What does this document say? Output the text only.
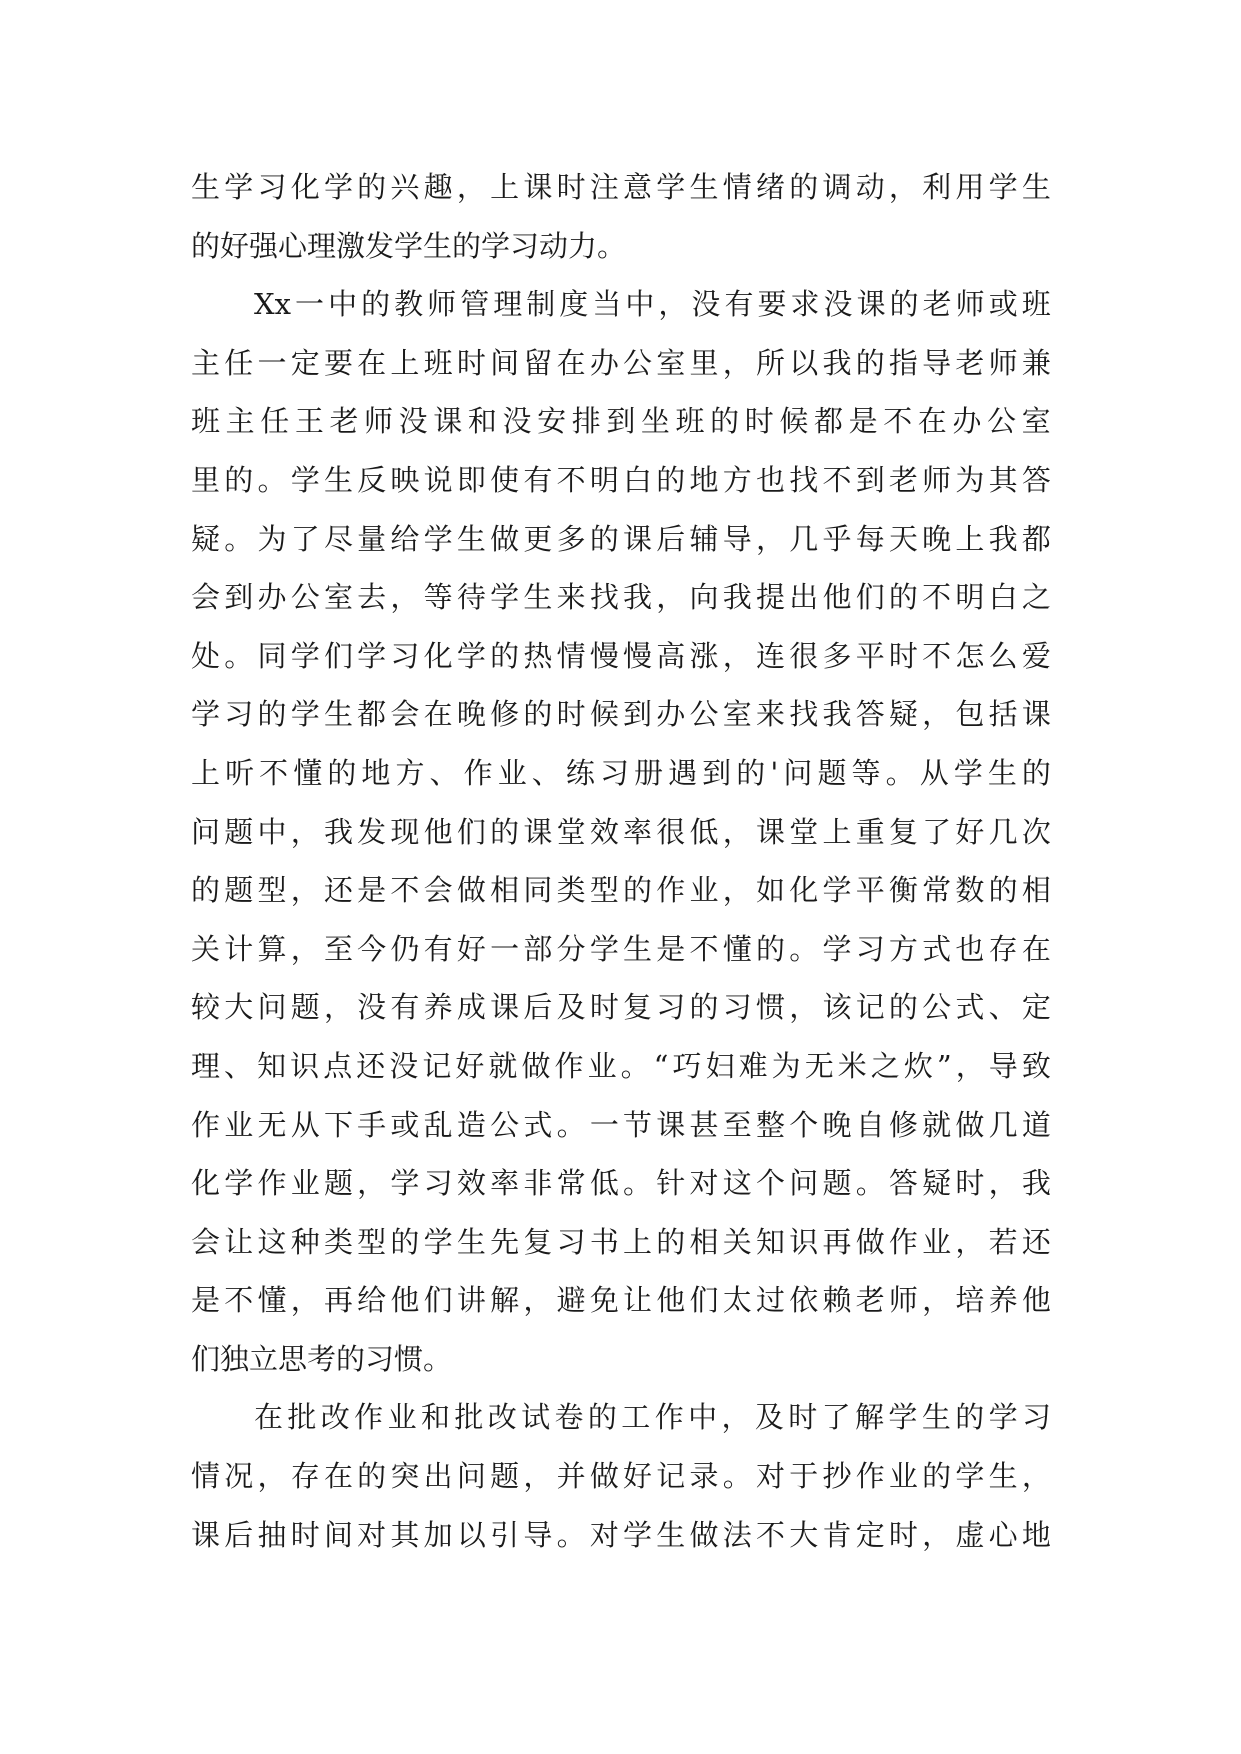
生 学 习 化 学 的 兴 趣 ， 上 课 时 注 意 学 生 情 绪 的 调 动 ， 利 用 学 生
的好强心理激发学生的学习动力。
Xx 一 中 的 教 师 管 理 制 度 当 中 ， 没 有 要 求 没 课 的 老 师 或 班
主 任 一 定 要 在 上 班 时 间 留 在 办 公 室 里 ， 所 以 我 的 指 导 老 师 兼
班 主 任 王 老 师 没 课 和 没 安 排 到 坐 班 的 时 候 都 是 不 在 办 公 室
里 的 。 学 生 反 映 说 即 使 有 不 明 白 的 地 方 也 找 不 到 老 师 为 其 答
疑 。 为 了 尽 量 给 学 生 做 更 多 的 课 后 辅 导 ， 几 乎 每 天 晚 上 我 都
会 到 办 公 室 去 ， 等 待 学 生 来 找 我 ， 向 我 提 出 他 们 的 不 明 白 之
处 。 同 学 们 学 习 化 学 的 热 情 慢 慢 高 涨 ， 连 很 多 平 时 不 怎 么 爱
学 习 的 学 生 都 会 在 晚 修 的 时 候 到 办 公 室 来 找 我 答 疑 ， 包 括 课
上 听 不 懂 的 地 方 、 作 业 、 练 习 册 遇 到 的 ' 问 题 等 。 从 学 生 的
问 题 中 ， 我 发 现 他 们 的 课 堂 效 率 很 低 ， 课 堂 上 重 复 了 好 几 次
的 题 型 ， 还 是 不 会 做 相 同 类 型 的 作 业 ， 如 化 学 平 衡 常 数 的 相
关 计 算 ， 至 今 仍 有 好 一 部 分 学 生 是 不 懂 的 。 学 习 方 式 也 存 在
较 大 问 题 ， 没 有 养 成 课 后 及 时 复 习 的 习 惯 ， 该 记 的 公 式 、 定
理 、 知 识 点 还 没 记 好 就 做 作 业 。 “ 巧 妇 难 为 无 米 之 炊 ” ， 导 致
作 业 无 从 下 手 或 乱 造 公 式 。 一 节 课 甚 至 整 个 晚 自 修 就 做 几 道
化 学 作 业 题 ， 学 习 效 率 非 常 低 。 针 对 这 个 问 题 。 答 疑 时 ， 我
会 让 这 种 类 型 的 学 生 先 复 习 书 上 的 相 关 知 识 再 做 作 业 ， 若 还
是 不 懂 ， 再 给 他 们 讲 解 ， 避 免 让 他 们 太 过 依 赖 老 师 ， 培 养 他
们独立思考的习惯。
在 批 改 作 业 和 批 改 试 卷 的 工 作 中 ， 及 时 了 解 学 生 的 学 习
情 况 ， 存 在 的 突 出 问 题 ， 并 做 好 记 录 。 对 于 抄 作 业 的 学 生 ，
课 后 抽 时 间 对 其 加 以 引 导 。 对 学 生 做 法 不 大 肯 定 时 ， 虚 心 地
